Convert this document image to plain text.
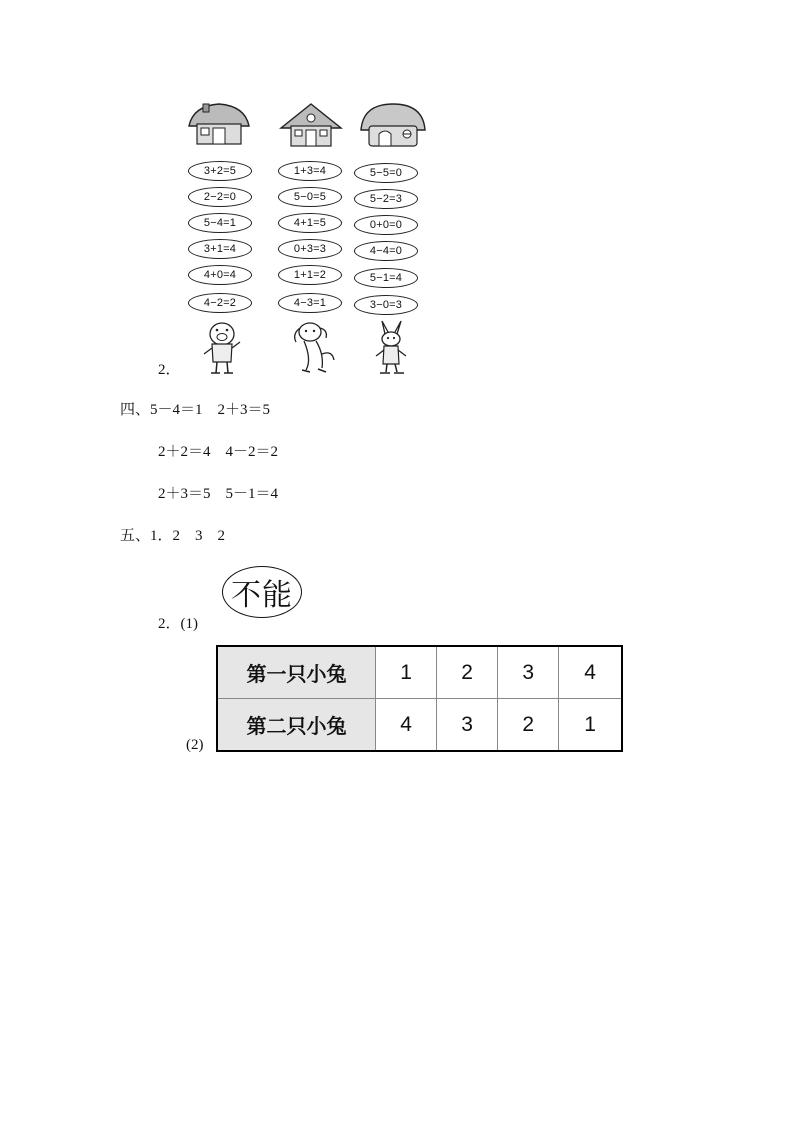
3+2=5
2−2=0
5−4=1
3+1=4
4+0=4
4−2=2
1+3=4
5−0=5
4+1=5
0+3=3
1+1=2
4−3=1
5−5=0
5−2=3
0+0=0
4−4=0
5−1=4
3−0=3
2．
四、5－4＝1　2＋3＝5
2＋2＝4　4－2＝2
2＋3＝5　5－1＝4
五、1．2　3　2
2．(1)
不能
(2)
第一只小兔	1	2	3	4
第二只小兔	4	3	2	1
